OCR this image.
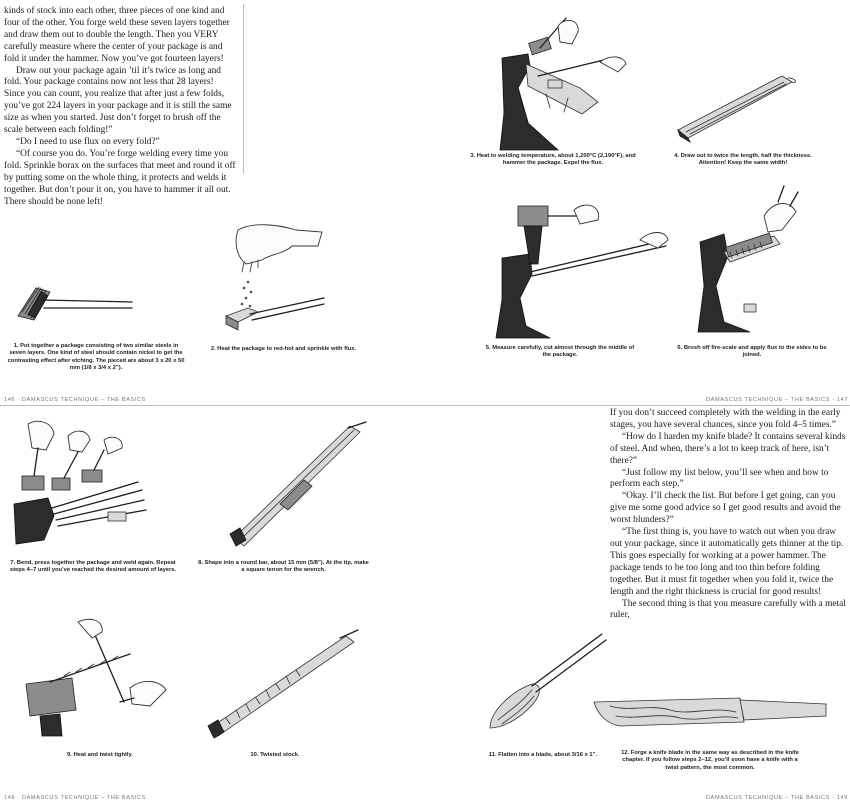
kinds of stock into each other, three pieces of one kind and four of the other. You forge weld these seven layers together and draw them out to double the length. Then you VERY carefully measure where the center of your package is and fold it under the hammer. Now you’ve got fourteen layers!

Draw out your package again ’til it’s twice as long and fold. Your package contains now not less that 28 layers! Since you can count, you realize that after just a few folds, you’ve got 224 layers in your package and it is still the same size as when you started. Just don’t forget to brush off the scale between each folding!”

“Do I need to use flux on every fold?”

“Of course you do. You’re forge welding every time you fold. Sprinkle borax on the surfaces that meet and round it off by putting some on the whole thing, it protects and welds it together. But don’t pour it on, you have to hammer it all out. There should be none left!

If you don’t succeed completely with the welding in the early stages, you have several chances, since you fold 4–5 times.”

“How do I harden my knife blade? It contains several kinds of steel. And when, there’s a lot to keep track of here, isn’t there?”

“Just follow my list below, you’ll see when and how to perform each step.”

“Okay. I’ll check the list. But before I get going, can you give me some good advice so I get good results and avoid the worst blunders?”

“The first thing is, you have to watch out when you draw out your package, since it automatically gets thinner at the tip. This goes especially for working at a power hammer. The package tends to be too long and too thin before folding together. But it must fit together when you fold it, twice the length and the right thickness is crucial for good results!

The second thing is that you measure carefully with a metal ruler,

146 · DAMASCUS TECHNIQUE – THE BASICS	DAMASCUS TECHNIQUE – THE BASICS · 147
148 · DAMASCUS TECHNIQUE – THE BASICS	DAMASCUS TECHNIQUE – THE BASICS · 149
3. Heat to welding temperature, about 1,200°C (2,190°F), and hammer the package. Expel the flux.
4. Draw out to twice the length, half the thickness. Attention! Keep the same width!
1. Put together a package consisting of two similar steels in seven layers. One kind of steel should contain nickel to get the contrasting effect after etching. The pieced are about 3 x 20 x 50 mm (1/8 x 3/4 x 2”).
2. Heat the package to red-hot and sprinkle with flux.	5. Measure carefully, cut almost through the middle of the package.
6. Brush off fire-scale and apply flux to the sides to be joined.
7. Bend, press together the package and weld again. Repeat steps 4–7 until you’ve reached the desired amount of layers.
8. Shape into a round bar, about 15 mm (5/8”). At the tip, make a square tenon for the wrench.
9. Heat and twist tightly.	10. Twisted stock.	11. Flatten into a blade, about 3/16 x 1”.	12. Forge a knife blade in the same way as described in the knife chapter. If you follow steps 2–12, you’ll soon have a knife with a twist pattern, the most common.
